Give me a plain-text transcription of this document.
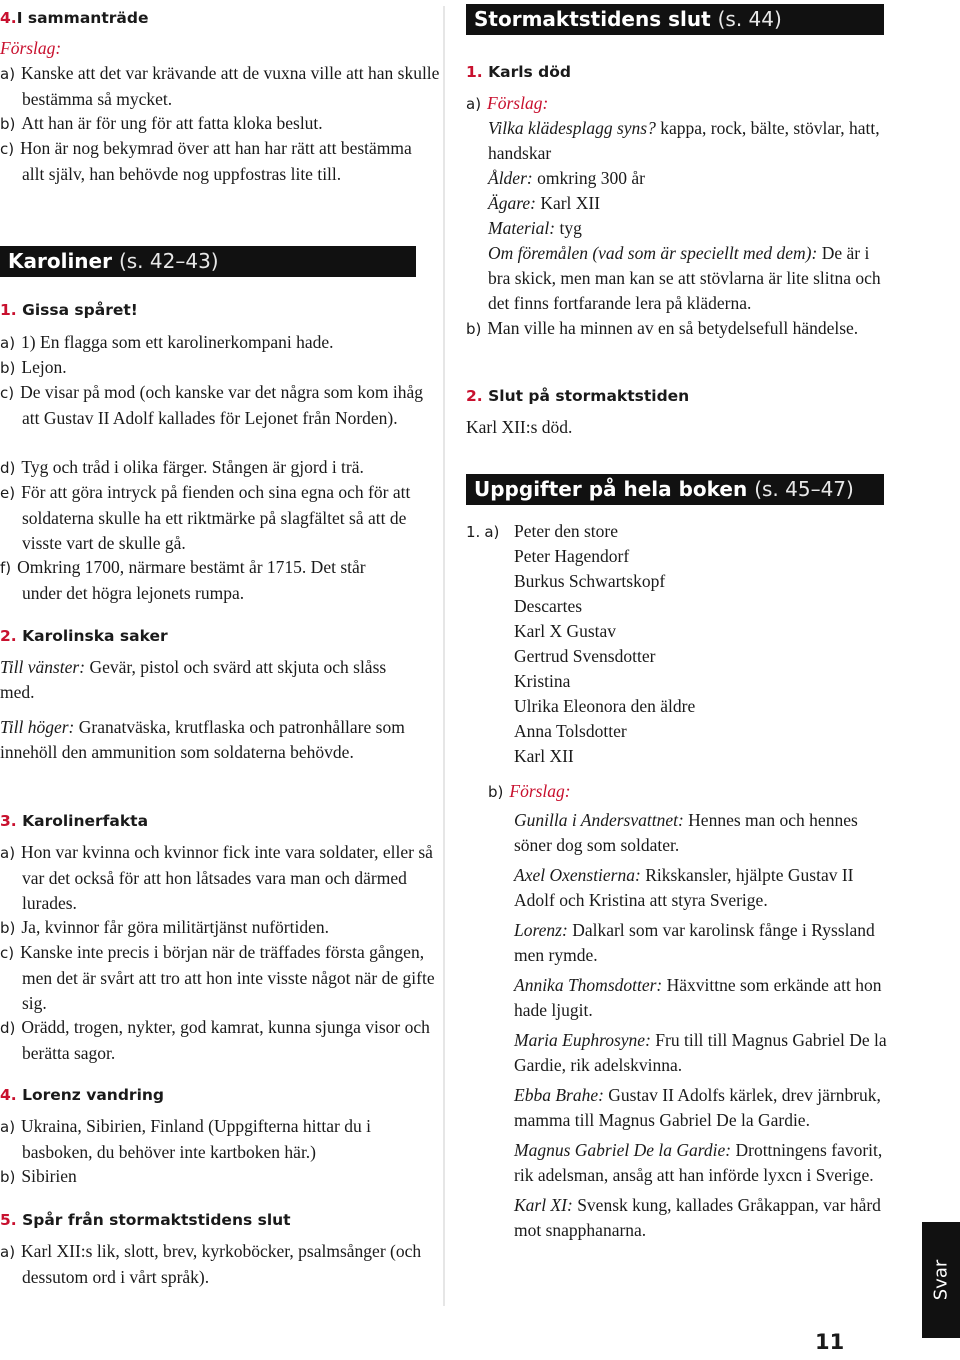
4.I sammanträde
Förslag:
a) Kanske att det var krävande att de vuxna ville att han skulle bestämma så mycket.
b) Att han är för ung för att fatta kloka beslut.
c) Hon är nog bekymrad över att han har rätt att bestämma allt själv, han behövde nog uppfostras lite till.
Karoliner (s. 42–43)
1. Gissa spåret!
a) 1) En flagga som ett karolinerkompani hade.
b) Lejon.
c) De visar på mod (och kanske var det några som kom ihåg att Gustav II Adolf kallades för Lejonet från Norden).
d) Tyg och tråd i olika färger. Stången är gjord i trä.
e) För att göra intryck på fienden och sina egna och för att soldaterna skulle ha ett riktmärke på slagfältet så att de visste vart de skulle gå.
f) Omkring 1700, närmare bestämt år 1715. Det står under det högra lejonets rumpa.
2. Karolinska saker
Till vänster: Gevär, pistol och svärd att skjuta och slåss med.
Till höger: Granatväska, krutflaska och patronhållare som innehöll den ammunition som soldaterna behövde.
3. Karolinerfakta
a) Hon var kvinna och kvinnor fick inte vara soldater, eller så var det också för att hon låtsades vara man och därmed lurades.
b) Ja, kvinnor får göra militärtjänst nuförtiden.
c) Kanske inte precis i början när de träffades första gången, men det är svårt att tro att hon inte visste något när de gifte sig.
d) Orädd, trogen, nykter, god kamrat, kunna sjunga visor och berätta sagor.
4. Lorenz vandring
a) Ukraina, Sibirien, Finland (Uppgifterna hittar du i basboken, du behöver inte kartboken här.)
b) Sibirien
5. Spår från stormaktstidens slut
a) Karl XII:s lik, slott, brev, kyrkoböcker, psalmsånger (och dessutom ord i vårt språk).
Stormaktstidens slut (s. 44)
1. Karls död
a) Förslag:
Vilka klädesplagg syns? kappa, rock, bälte, stövlar, hatt, handskar
Ålder: omkring 300 år
Ägare: Karl XII
Material: tyg
Om föremålen (vad som är speciellt med dem): De är i bra skick, men man kan se att stövlarna är lite slitna och det finns fortfarande lera på kläderna.
b) Man ville ha minnen av en så betydelsefull händelse.
2. Slut på stormaktstiden
Karl XII:s död.
Uppgifter på hela boken (s. 45–47)
1. a) Peter den store
Peter Hagendorf
Burkus Schwartskopf
Descartes
Karl X Gustav
Gertrud Svensdotter
Kristina
Ulrika Eleonora den äldre
Anna Tolsdotter
Karl XII
b) Förslag:
Gunilla i Andersvattnet: Hennes man och hennes söner dog som soldater.
Axel Oxenstierna: Rikskansler, hjälpte Gustav II Adolf och Kristina att styra Sverige.
Lorenz: Dalkarl som var karolinsk fånge i Ryssland men rymde.
Annika Thomsdotter: Häxvittne som erkände att hon hade ljugit.
Maria Euphrosyne: Fru till till Magnus Gabriel De la Gardie, rik adelskvinna.
Ebba Brahe: Gustav II Adolfs kärlek, drev järnbruk, mamma till Magnus Gabriel De la Gardie.
Magnus Gabriel De la Gardie: Drottningens favorit, rik adelsman, ansåg att han införde lyxcn i Sverige.
Karl XI: Svensk kung, kallades Gråkappan, var hård mot snapphanarna.
Svar
11
